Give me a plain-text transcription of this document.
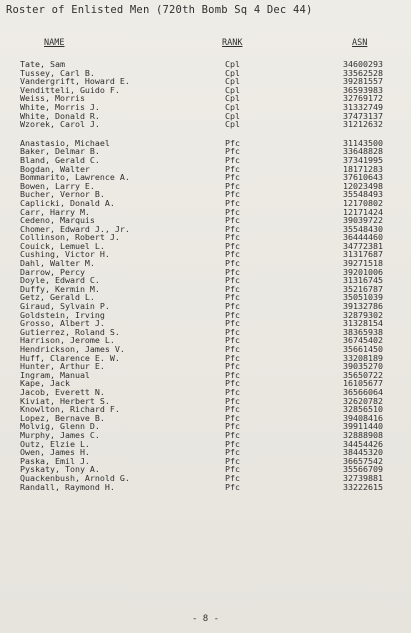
Roster of Enlisted Men (720th Bomb Sq 4 Dec 44)
NAME	RANK	ASN
Tate, Sam	Cpl	34600293
Tussey, Carl B.	Cpl	33562528
Vandergrift, Howard E.	Cpl	39281557
Venditteli, Guido F.	Cpl	36593983
Weiss, Morris	Cpl	32769172
White, Morris J.	Cpl	31332749
White, Donald R.	Cpl	37473137
Wzorek, Carol J.	Cpl	31212632
Anastasio, Michael	Pfc	31143500
Baker, Delmar B.	Pfc	33648828
Bland, Gerald C.	Pfc	37341995
Bogdan, Walter	Pfc	18171283
Bommarito, Lawrence A.	Pfc	37610643
Bowen, Larry E.	Pfc	12023498
Bucher, Vernor B.	Pfc	35548493
Caplicki, Donald A.	Pfc	12170802
Carr, Harry M.	Pfc	12171424
Cedeno, Marquis	Pfc	39039722
Chomer, Edward J., Jr.	Pfc	35548430
Collinson, Robert J.	Pfc	36444460
Couick, Lemuel L.	Pfc	34772381
Cushing, Victor H.	Pfc	31317687
Dahl, Walter M.	Pfc	39271518
Darrow, Percy	Pfc	39201006
Doyle, Edward C.	Pfc	31316745
Duffy, Kermin M.	Pfc	35216787
Getz, Gerald L.	Pfc	35051039
Giraud, Sylvain P.	Pfc	39132786
Goldstein, Irving	Pfc	32879302
Grosso, Albert J.	Pfc	31328154
Gutierrez, Roland S.	Pfc	38365938
Harrison, Jerome L.	Pfc	36745402
Hendrickson, James V.	Pfc	35661450
Huff, Clarence E. W.	Pfc	33208189
Hunter, Arthur E.	Pfc	39035270
Ingram, Manual	Pfc	35650722
Kape, Jack	Pfc	16105677
Jacob, Everett N.	Pfc	36566064
Kiviat, Herbert S.	Pfc	32620782
Knowlton, Richard F.	Pfc	32856510
Lopez, Bernave B.	Pfc	39408416
Molvig, Glenn D.	Pfc	39911440
Murphy, James C.	Pfc	32888908
Outz, Elzie L.	Pfc	34454426
Owen, James H.	Pfc	38445320
Paska, Emil J.	Pfc	36657542
Pyskaty, Tony A.	Pfc	35566709
Quackenbush, Arnold G.	Pfc	32739881
Randall, Raymond H.	Pfc	33222615
- 8 -
